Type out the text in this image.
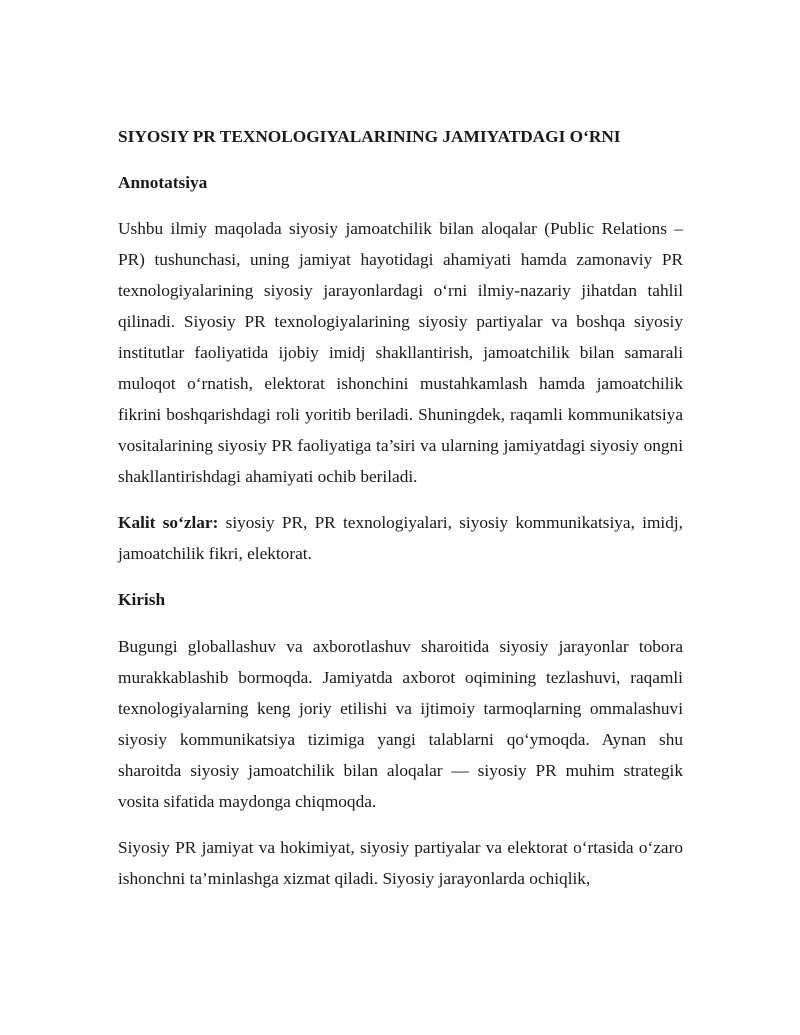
SIYOSIY PR TEXNOLOGIYALARINING JAMIYATDAGI O‘RNI

Annotatsiya

Ushbu ilmiy maqolada siyosiy jamoatchilik bilan aloqalar (Public Relations – PR) tushunchasi, uning jamiyat hayotidagi ahamiyati hamda zamonaviy PR texnologiyalarining siyosiy jarayonlardagi o‘rni ilmiy-nazariy jihatdan tahlil qilinadi. Siyosiy PR texnologiyalarining siyosiy partiyalar va boshqa siyosiy institutlar faoliyatida ijobiy imidj shakllantirish, jamoatchilik bilan samarali muloqot o‘rnatish, elektorat ishonchini mustahkamlash hamda jamoatchilik fikrini boshqarishdagi roli yoritib beriladi. Shuningdek, raqamli kommunikatsiya vositalarining siyosiy PR faoliyatiga ta’siri va ularning jamiyatdagi siyosiy ongni shakllantirishdagi ahamiyati ochib beriladi.

Kalit so‘zlar: siyosiy PR, PR texnologiyalari, siyosiy kommunikatsiya, imidj, jamoatchilik fikri, elektorat.

Kirish

Bugungi globallashuv va axborotlashuv sharoitida siyosiy jarayonlar tobora murakkablashib bormoqda. Jamiyatda axborot oqimining tezlashuvi, raqamli texnologiyalarning keng joriy etilishi va ijtimoiy tarmoqlarning ommalashuvi siyosiy kommunikatsiya tizimiga yangi talablarni qo‘ymoqda. Aynan shu sharoitda siyosiy jamoatchilik bilan aloqalar — siyosiy PR muhim strategik vosita sifatida maydonga chiqmoqda.

Siyosiy PR jamiyat va hokimiyat, siyosiy partiyalar va elektorat o‘rtasida o‘zaro ishonchni ta’minlashga xizmat qiladi. Siyosiy jarayonlarda ochiqlik,
